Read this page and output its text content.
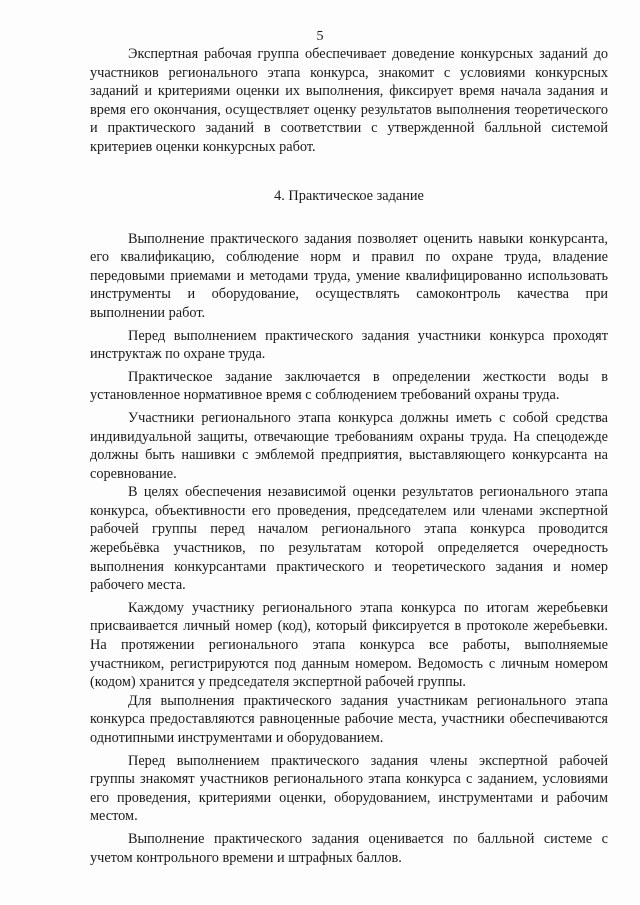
5

Экспертная рабочая группа обеспечивает доведение конкурсных заданий до участников регионального этапа конкурса, знакомит с условиями конкурсных заданий и критериями оценки их выполнения, фиксирует время начала задания и время его окончания, осуществляет оценку результатов выполнения теоретического и практического заданий в соответствии с утвержденной балльной системой критериев оценки конкурсных работ.

4. Практическое задание

Выполнение практического задания позволяет оценить навыки конкурсанта, его квалификацию, соблюдение норм и правил по охране труда, владение передовыми приемами и методами труда, умение квалифицированно использовать инструменты и оборудование, осуществлять самоконтроль качества при выполнении работ.

Перед выполнением практического задания участники конкурса проходят инструктаж по охране труда.

Практическое задание заключается в определении жесткости воды в установленное нормативное время с соблюдением требований охраны труда.

Участники регионального этапа конкурса должны иметь с собой средства индивидуальной защиты, отвечающие требованиям охраны труда. На спецодежде должны быть нашивки с эмблемой предприятия, выставляющего конкурсанта на соревнование.

В целях обеспечения независимой оценки результатов регионального этапа конкурса, объективности его проведения, председателем или членами экспертной рабочей группы перед началом регионального этапа конкурса проводится жеребьёвка участников, по результатам которой определяется очередность выполнения конкурсантами практического и теоретического задания и номер рабочего места.

Каждому участнику регионального этапа конкурса по итогам жеребьевки присваивается личный номер (код), который фиксируется в протоколе жеребьевки. На протяжении регионального этапа конкурса все работы, выполняемые участником, регистрируются под данным номером. Ведомость с личным номером (кодом) хранится у председателя экспертной рабочей группы.

Для выполнения практического задания участникам регионального этапа конкурса предоставляются равноценные рабочие места, участники обеспечиваются однотипными инструментами и оборудованием.

Перед выполнением практического задания члены экспертной рабочей группы знакомят участников регионального этапа конкурса с заданием, условиями его проведения, критериями оценки, оборудованием, инструментами и рабочим местом.

Выполнение практического задания оценивается по балльной системе с учетом контрольного времени и штрафных баллов.
